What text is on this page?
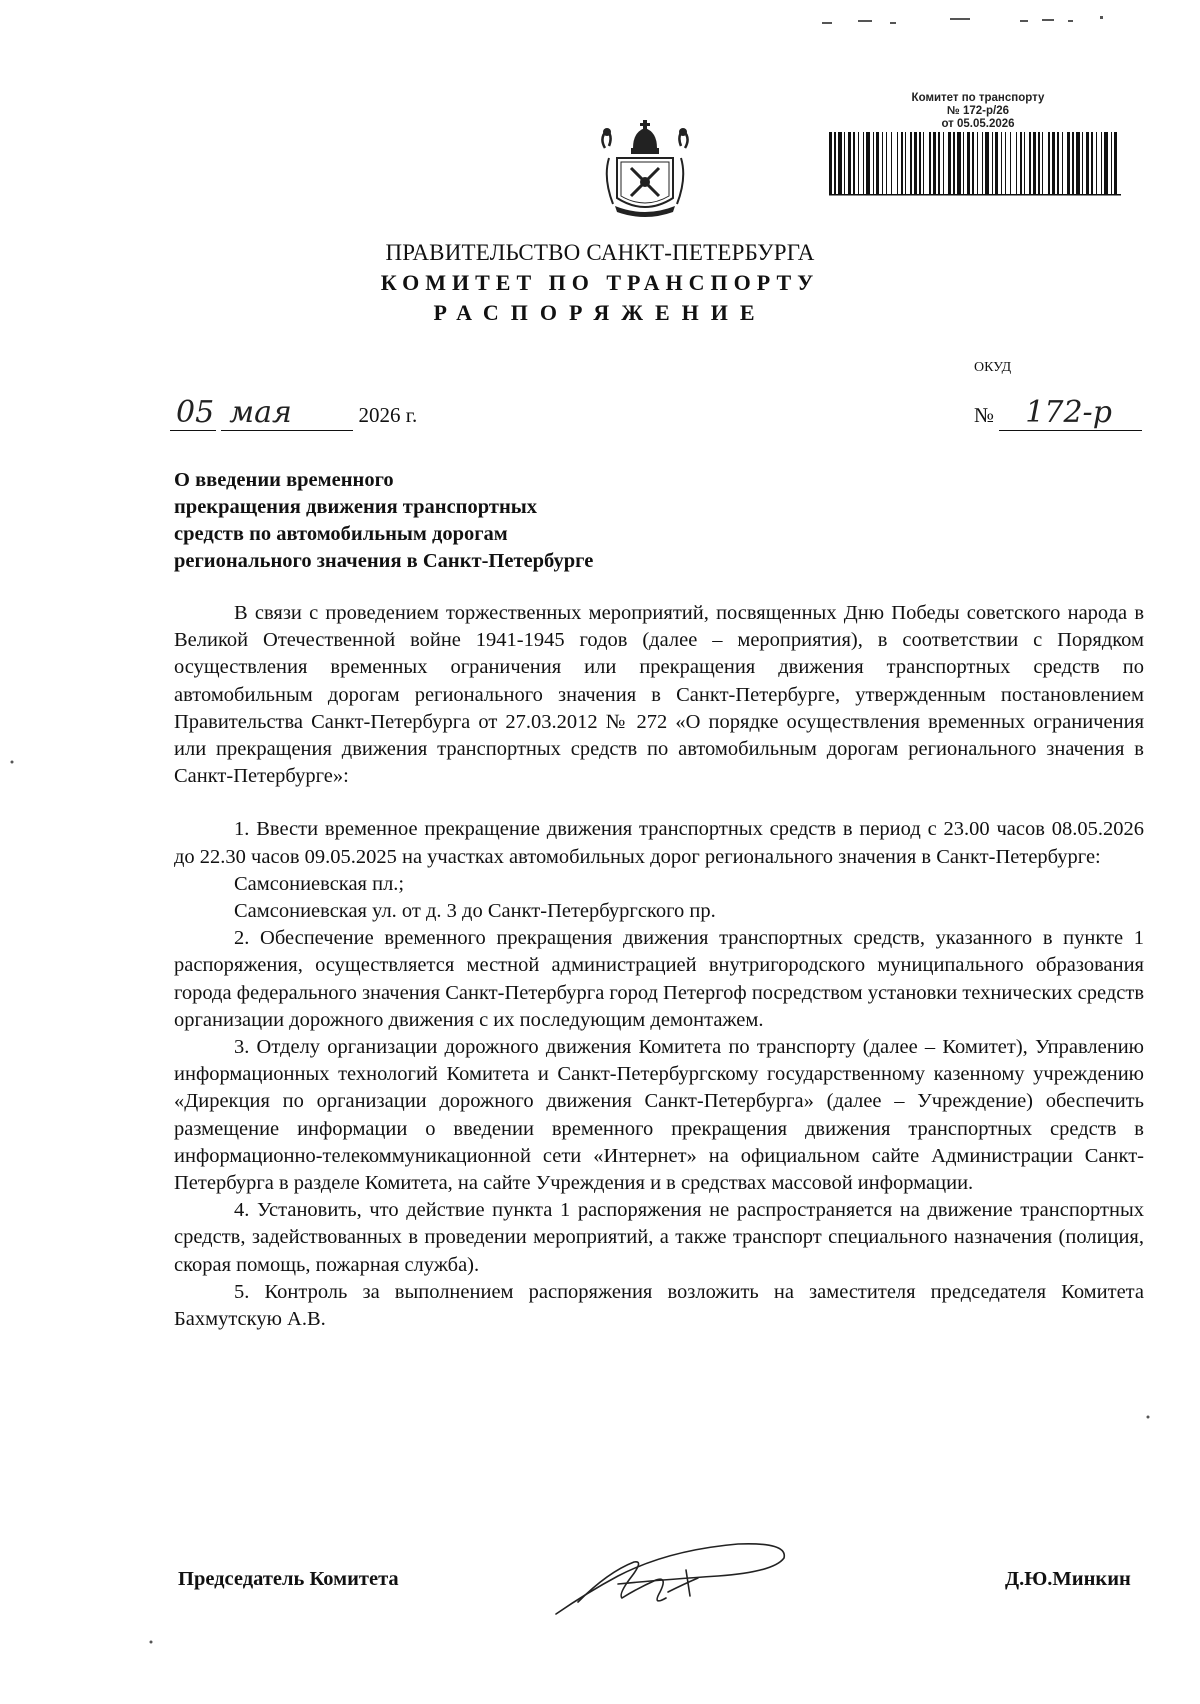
Комитет по транспорту
№ 172-р/26
от 05.05.2026
ПРАВИТЕЛЬСТВО САНКТ-ПЕТЕРБУРГА
КОМИТЕТ ПО ТРАНСПОРТУ
РАСПОРЯЖЕНИЕ
ОКУД
05 мая	2026 г.	№ 172-р
О введении временного
прекращения движения транспортных
средств по автомобильным дорогам
регионального значения в Санкт-Петербурге

В связи с проведением торжественных мероприятий, посвященных Дню Победы советского народа в Великой Отечественной войне 1941-1945 годов (далее – мероприятия), в соответствии с Порядком осуществления временных ограничения или прекращения движения транспортных средств по автомобильным дорогам регионального значения в Санкт-Петербурге, утвержденным постановлением Правительства Санкт-Петербурга от 27.03.2012 № 272 «О порядке осуществления временных ограничения или прекращения движения транспортных средств по автомобильным дорогам регионального значения в Санкт-Петербурге»:

1. Ввести временное прекращение движения транспортных средств в период с 23.00 часов 08.05.2026 до 22.30 часов 09.05.2025 на участках автомобильных дорог регионального значения в Санкт-Петербурге:

Самсониевская пл.;

Самсониевская ул. от д. 3 до Санкт-Петербургского пр.

2. Обеспечение временного прекращения движения транспортных средств, указанного в пункте 1 распоряжения, осуществляется местной администрацией внутригородского муниципального образования города федерального значения Санкт-Петербурга город Петергоф посредством установки технических средств организации дорожного движения с их последующим демонтажем.

3. Отделу организации дорожного движения Комитета по транспорту (далее – Комитет), Управлению информационных технологий Комитета и Санкт-Петербургскому государственному казенному учреждению «Дирекция по организации дорожного движения Санкт-Петербурга» (далее – Учреждение) обеспечить размещение информации о введении временного прекращения движения транспортных средств в информационно-телекоммуникационной сети «Интернет» на официальном сайте Администрации Санкт-Петербурга в разделе Комитета, на сайте Учреждения и в средствах массовой информации.

4. Установить, что действие пункта 1 распоряжения не распространяется на движение транспортных средств, задействованных в проведении мероприятий, а также транспорт специального назначения (полиция, скорая помощь, пожарная служба).

5. Контроль за выполнением распоряжения возложить на заместителя председателя Комитета Бахмутскую А.В.

Председатель Комитета	Д.Ю.Минкин
